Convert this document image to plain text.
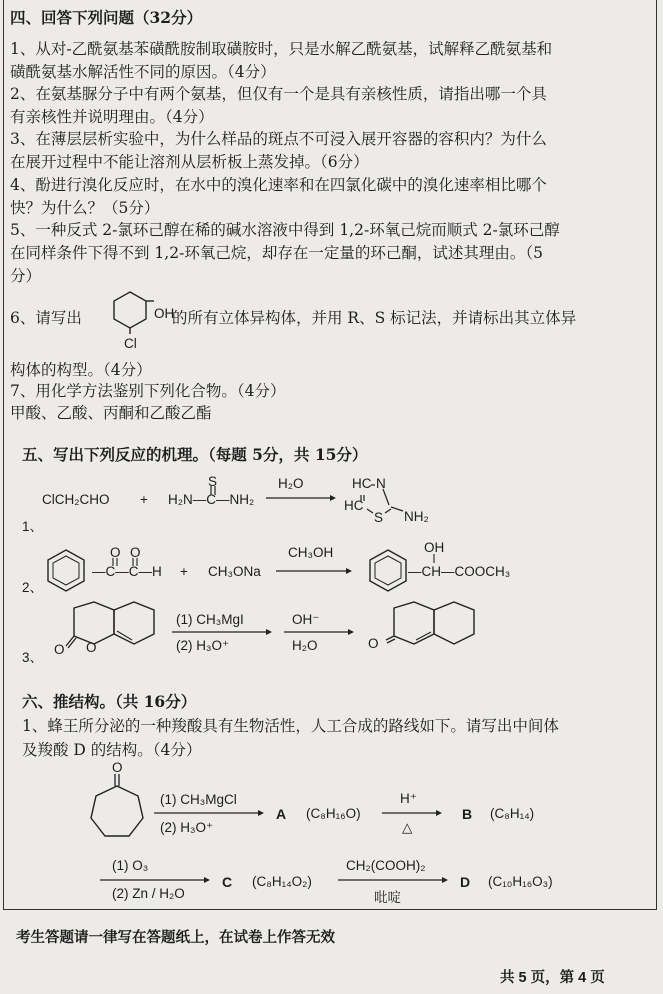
四、回答下列问题（32分）
1、从对-乙酰氨基苯磺酰胺制取磺胺时，只是水解乙酰氨基，试解释乙酰氨基和
磺酰氨基水解活性不同的原因。（4分）
2、在氨基脲分子中有两个氨基，但仅有一个是具有亲核性质，请指出哪一个具
有亲核性并说明理由。（4分）
3、在薄层层析实验中，为什么样品的斑点不可浸入展开容器的容积内？为什么
在展开过程中不能让溶剂从层析板上蒸发掉。（6分）
4、酚进行溴化反应时，在水中的溴化速率和在四氯化碳中的溴化速率相比哪个
快？为什么？（5分）
5、一种反式 2-氯环己醇在稀的碱水溶液中得到 1,2-环氧己烷而顺式 2-氯环己醇
在同样条件下得不到 1,2-环氧己烷，却存在一定量的环己酮，试述其理由。（5
分）
6、请写出	OH
Cl
的所有立体异构体，并用 R、S 标记法，并请标出其立体异
构体的构型。（4分）
7、用化学方法鉴别下列化合物。（4分）
甲酸、乙酸、丙酮和乙酸乙酯
五、写出下列反应的机理。（每题 5分，共 15分）
ClCH₂CHO +
S
H₂N—C—NH₂
H₂O	HC N
HC
S NH₂
1、
2、
O O
—C—C—H + CH₃ONa
CH₃OH	OH
—CH—COOCH₃
3、
O O
(1) CH₃MgI
(2) H₃O⁺
OH⁻
H₂O	O
六、推结构。（共 16分）
1、蜂王所分泌的一种羧酸具有生物活性，人工合成的路线如下。请写出中间体
及羧酸 D 的结构。（4分）
O
(1) CH₃MgCl
(2) H₃O⁺
A (C₈H₁₆O)
H⁺
△
B (C₈H₁₄)
(1) O₃
(2) Zn / H₂O
C (C₈H₁₄O₂)
CH₂(COOH)₂
吡啶
D (C₁₀H₁₆O₃)
考生答题请一律写在答题纸上，在试卷上作答无效
共 5 页，第 4 页
